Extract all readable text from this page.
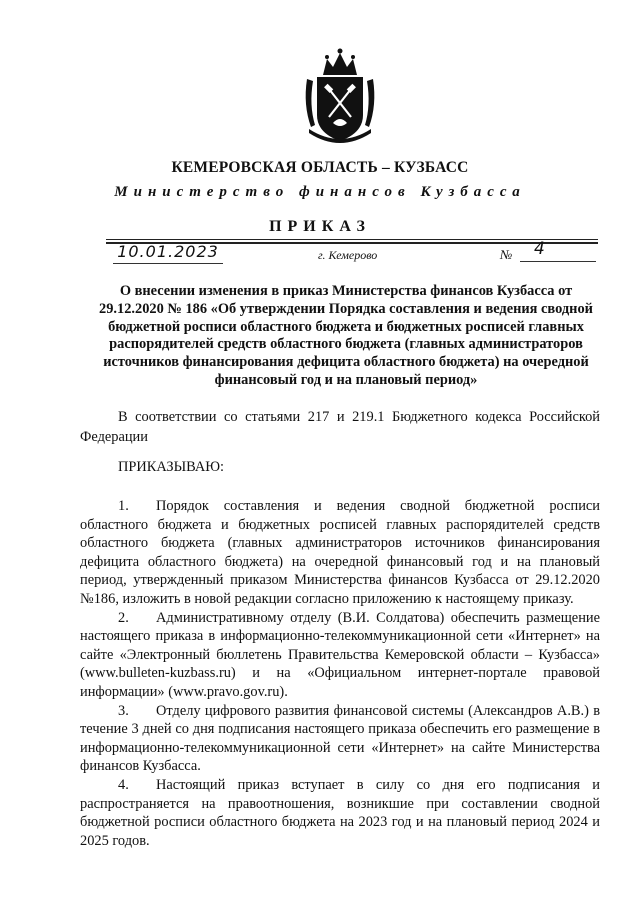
КЕМЕРОВСКАЯ ОБЛАСТЬ – КУЗБАСС
Министерство финансов Кузбасса
ПРИКАЗ
10.01.2023	г. Кемерово	№ 4
О внесении изменения в приказ Министерства финансов Кузбасса от 29.12.2020 № 186 «Об утверждении Порядка составления и ведения сводной бюджетной росписи областного бюджета и бюджетных росписей главных распорядителей средств областного бюджета (главных администраторов источников финансирования дефицита областного бюджета) на очередной финансовый год и на плановый период»
В соответствии со статьями 217 и 219.1 Бюджетного кодекса Российской Федерации
ПРИКАЗЫВАЮ:

1. Порядок составления и ведения сводной бюджетной росписи областного бюджета и бюджетных росписей главных распорядителей средств областного бюджета (главных администраторов источников финансирования дефицита областного бюджета) на очередной финансовый год и на плановый период, утвержденный приказом Министерства финансов Кузбасса от 29.12.2020 №186, изложить в новой редакции согласно приложению к настоящему приказу.

2. Административному отделу (В.И. Солдатова) обеспечить размещение настоящего приказа в информационно-телекоммуникационной сети «Интернет» на сайте «Электронный бюллетень Правительства Кемеровской области – Кузбасса» (www.bulleten-kuzbass.ru) и на «Официальном интернет-портале правовой информации» (www.pravo.gov.ru).

3. Отделу цифрового развития финансовой системы (Александров А.В.) в течение 3 дней со дня подписания настоящего приказа обеспечить его размещение в информационно-телекоммуникационной сети «Интернет» на сайте Министерства финансов Кузбасса.

4. Настоящий приказ вступает в силу со дня его подписания и распространяется на правоотношения, возникшие при составлении сводной бюджетной росписи областного бюджета на 2023 год и на плановый период 2024 и 2025 годов.
